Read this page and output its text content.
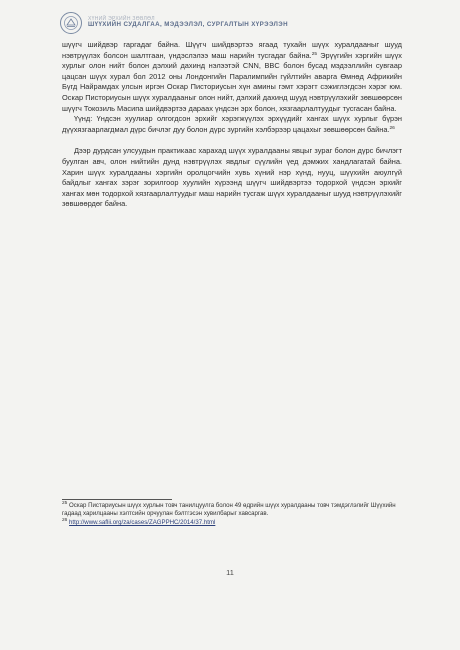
ХҮНИЙ ЭРХИЙН ЗӨВЛӨЛ
ШҮҮХИЙН СУДАЛГАА, МЭДЭЭЛЭЛ, СУРГАЛТЫН ХҮРЭЭЛЭН

шүүгч шийдвэр гаргадаг байна. Шүүгч шийдвэртээ ягаад тухайн шүүх хуралдааныг шууд нэвтрүүлэх болсон шалтгаан, үндэслэлээ маш нарийн тусгадаг байна.$^{25}$ Эрүүгийн хэргийн шүүх хурлыг олон нийт болон дэлхий дахинд нэлээтэй CNN, BBC болон бусад мэдээллийн сувгаар цацсан шүүх хурал бол 2012 оны Лондонгийн Паралимпийн гүйлтийн аварга Өмнөд Африкийн Бүгд Найрамдах улсын иргэн Оскар Писториусын хүн амины гэмт хэрэгт сэжиглэгдсэн хэрэг юм. Оскар Писториусын шүүх хуралдааныг олон нийт, дэлхий дахинд шууд нэвтрүүлэхийг зөвшөөрсөн шүүгч Токозиль Масипа шийдвэртээ дараах үндсэн эрх болон, хязгаарлалтуудыг тусгасан байна.

Үүнд: Үндсэн хуулиар олгогдсон эрхийг хэрэгжүүлэх эрхүүдийг хангах шүүх хурлыг бүрэн дүүхязгаарлагдмал дүрс бичлэг дуу болон дүрс зургийн хэлбэрээр цацахыг зөвшөөрсөн байна.$^{26}$

Дээр дурдсан улсуудын практикаас харахад шүүх хуралдааны явцыг зураг болон дүрс бичлэгт буулган авч, олон нийтийн дунд нэвтрүүлэх явдлыг сүүлийн үед дэмжих хандлагатай байна. Харин шүүх хуралдааны хэргийн оролцогчийн хувь хүний нэр хүнд, нууц, шүүхийн аюулгүй байдлыг хангах зэрэг зорилгоор хуулийн хүрээнд шүүгч шийдвэртээ тодорхой үндсэн эрхийг хангах мөн тодорхой хязгаарлалтуудыг маш нарийн тусгаж шүүх хуралдааныг шууд нэвтрүүлэхийг зөвшөөрдөг байна.

$^{25}$ Оскар Пистариусын шүүх хурлын товч танилцуулга болон 49 өдрийн шүүх хуралдааны товч тэмдэглэлийг Шүүхийн гадаад харилцааны хэлтсийн орчуулан бэлтгэсэн хувилбарыг хавсаргав.

$^{26}$ http://www.saflii.org/za/cases/ZAGPPHC/2014/37.html

11
